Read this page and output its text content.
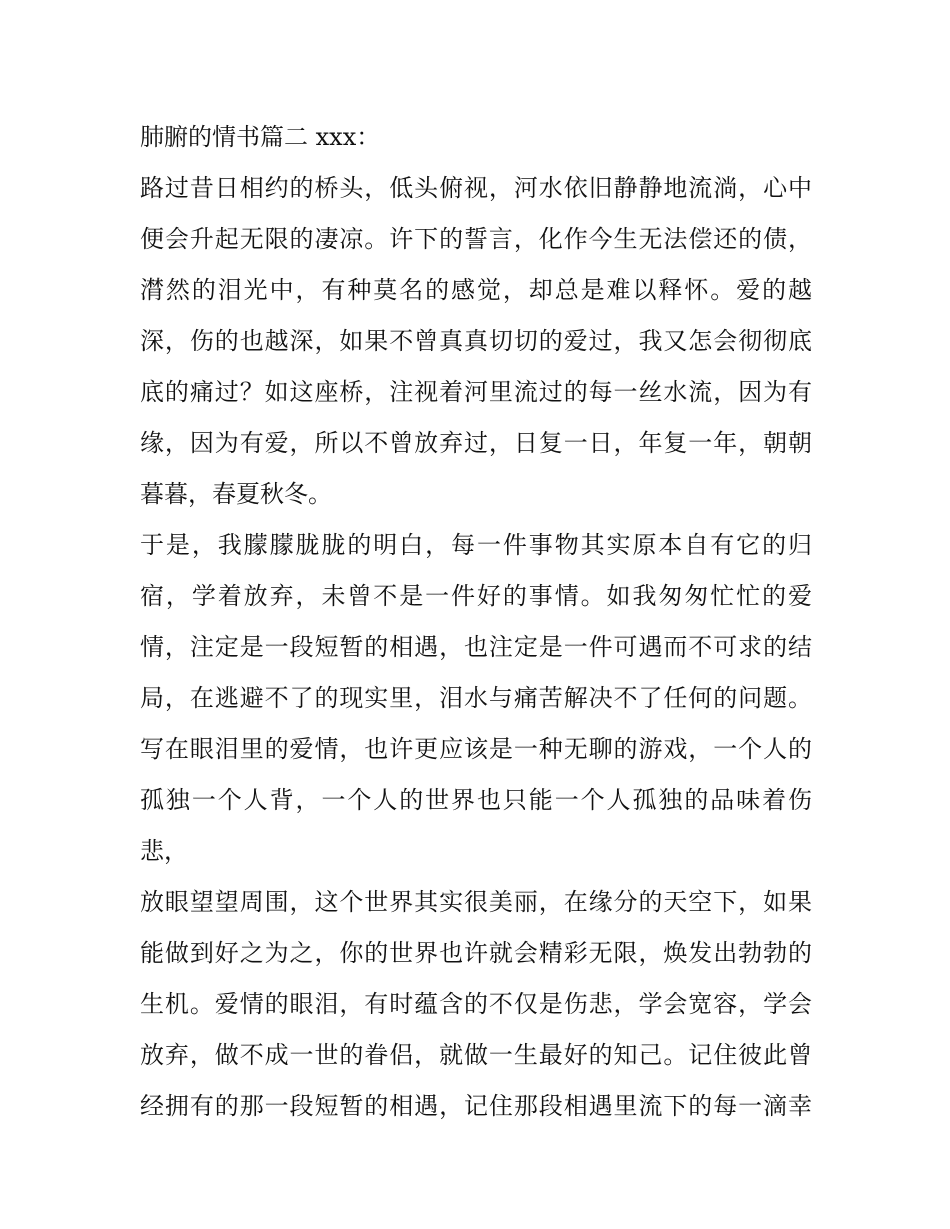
肺腑的情书篇二 xxx：
路过昔日相约的桥头，低头俯视，河水依旧静静地流淌，心中
便会升起无限的凄凉。许下的誓言，化作今生无法偿还的债，
潸然的泪光中，有种莫名的感觉，却总是难以释怀。爱的越
深，伤的也越深，如果不曾真真切切的爱过，我又怎会彻彻底
底的痛过？如这座桥，注视着河里流过的每一丝水流，因为有
缘，因为有爱，所以不曾放弃过，日复一日，年复一年，朝朝
暮暮，春夏秋冬。
于是，我朦朦胧胧的明白，每一件事物其实原本自有它的归
宿，学着放弃，未曾不是一件好的事情。如我匆匆忙忙的爱
情，注定是一段短暂的相遇，也注定是一件可遇而不可求的结
局，在逃避不了的现实里，泪水与痛苦解决不了任何的问题。
写在眼泪里的爱情，也许更应该是一种无聊的游戏，一个人的
孤独一个人背，一个人的世界也只能一个人孤独的品味着伤
悲，
放眼望望周围，这个世界其实很美丽，在缘分的天空下，如果
能做到好之为之，你的世界也许就会精彩无限，焕发出勃勃的
生机。爱情的眼泪，有时蕴含的不仅是伤悲，学会宽容，学会
放弃，做不成一世的眷侣，就做一生最好的知己。记住彼此曾
经拥有的那一段短暂的相遇，记住那段相遇里流下的每一滴幸
